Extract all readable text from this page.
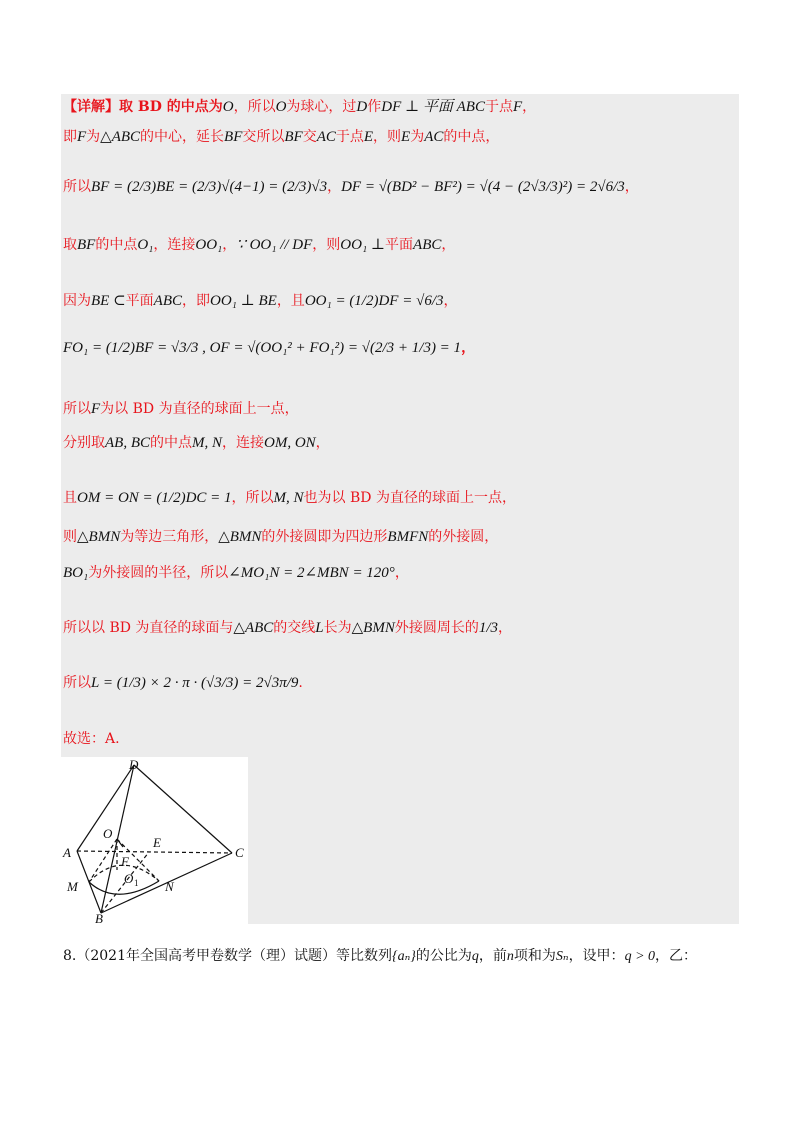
【详解】取 BD 的中点为O，所以O为球心，过D作DF ⊥ 平面 ABC于点F，
即F为△ABC的中心，延长BF交所以BF交AC于点E，则E为AC的中点，
所以BF = (2/3)BE = (2/3)√(4−1) = (2/3)√3，DF = √(BD² − BF²) = √(4 − (2√3/3)²) = 2√6/3，
取BF的中点O₁，连接OO₁，∵ OO₁ // DF，则OO₁ ⊥平面ABC，
因为BE ⊂平面ABC，即OO₁ ⊥ BE，且OO₁ = (1/2)DF = √6/3，
FO₁ = (1/2)BF = √3/3 , OF = √(OO₁² + FO₁²) = √(2/3 + 1/3) = 1，
所以F为以 BD 为直径的球面上一点，
分别取AB, BC的中点M, N，连接OM, ON，
且OM = ON = (1/2)DC = 1，所以M, N也为以 BD 为直径的球面上一点，
则△BMN为等边三角形，△BMN的外接圆即为四边形BMFN的外接圆，
BO₁为外接圆的半径，所以∠MO₁N = 2∠MBN = 120°，
所以以 BD 为直径的球面与△ABC的交线L长为△BMN外接圆周长的1/3，
所以L = (1/3) × 2 · π · (√3/3) = 2√3π/9.
故选：A.
D
A	C
O
E
F
M
O 1 N
B
8.（2021年全国高考甲卷数学（理）试题）等比数列{aₙ}的公比为q，前n项和为Sₙ，设甲：q > 0，乙：
